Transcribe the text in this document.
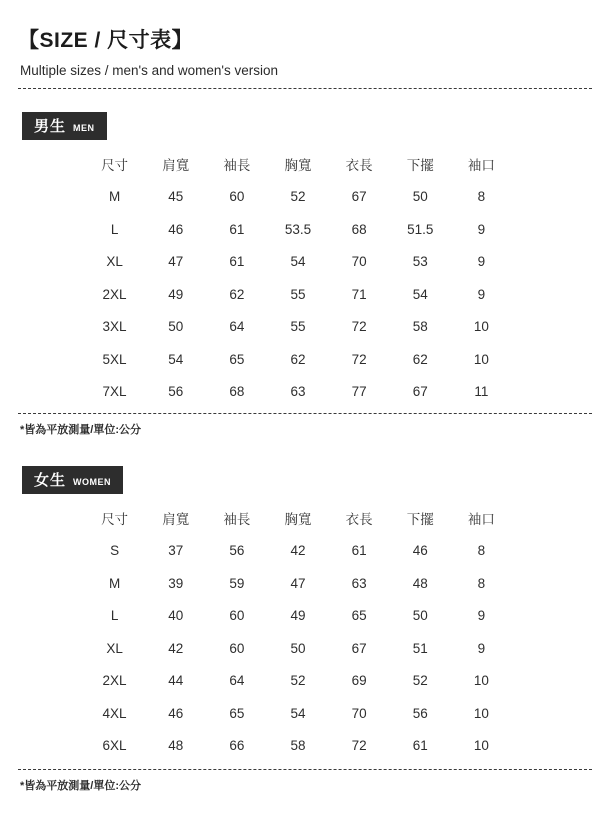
【SIZE / 尺寸表】
Multiple sizes / men's and women's version
男生 MEN
尺寸	肩寬	袖長	胸寬	衣長	下擺	袖口
M	45	60	52	67	50	8
L	46	61	53.5	68	51.5	9
XL	47	61	54	70	53	9
2XL	49	62	55	71	54	9
3XL	50	64	55	72	58	10
5XL	54	65	62	72	62	10
7XL	56	68	63	77	67	11
*皆為平放測量/單位:公分
女生 WOMEN
尺寸	肩寬	袖長	胸寬	衣長	下擺	袖口
S	37	56	42	61	46	8
M	39	59	47	63	48	8
L	40	60	49	65	50	9
XL	42	60	50	67	51	9
2XL	44	64	52	69	52	10
4XL	46	65	54	70	56	10
6XL	48	66	58	72	61	10
*皆為平放測量/單位:公分
